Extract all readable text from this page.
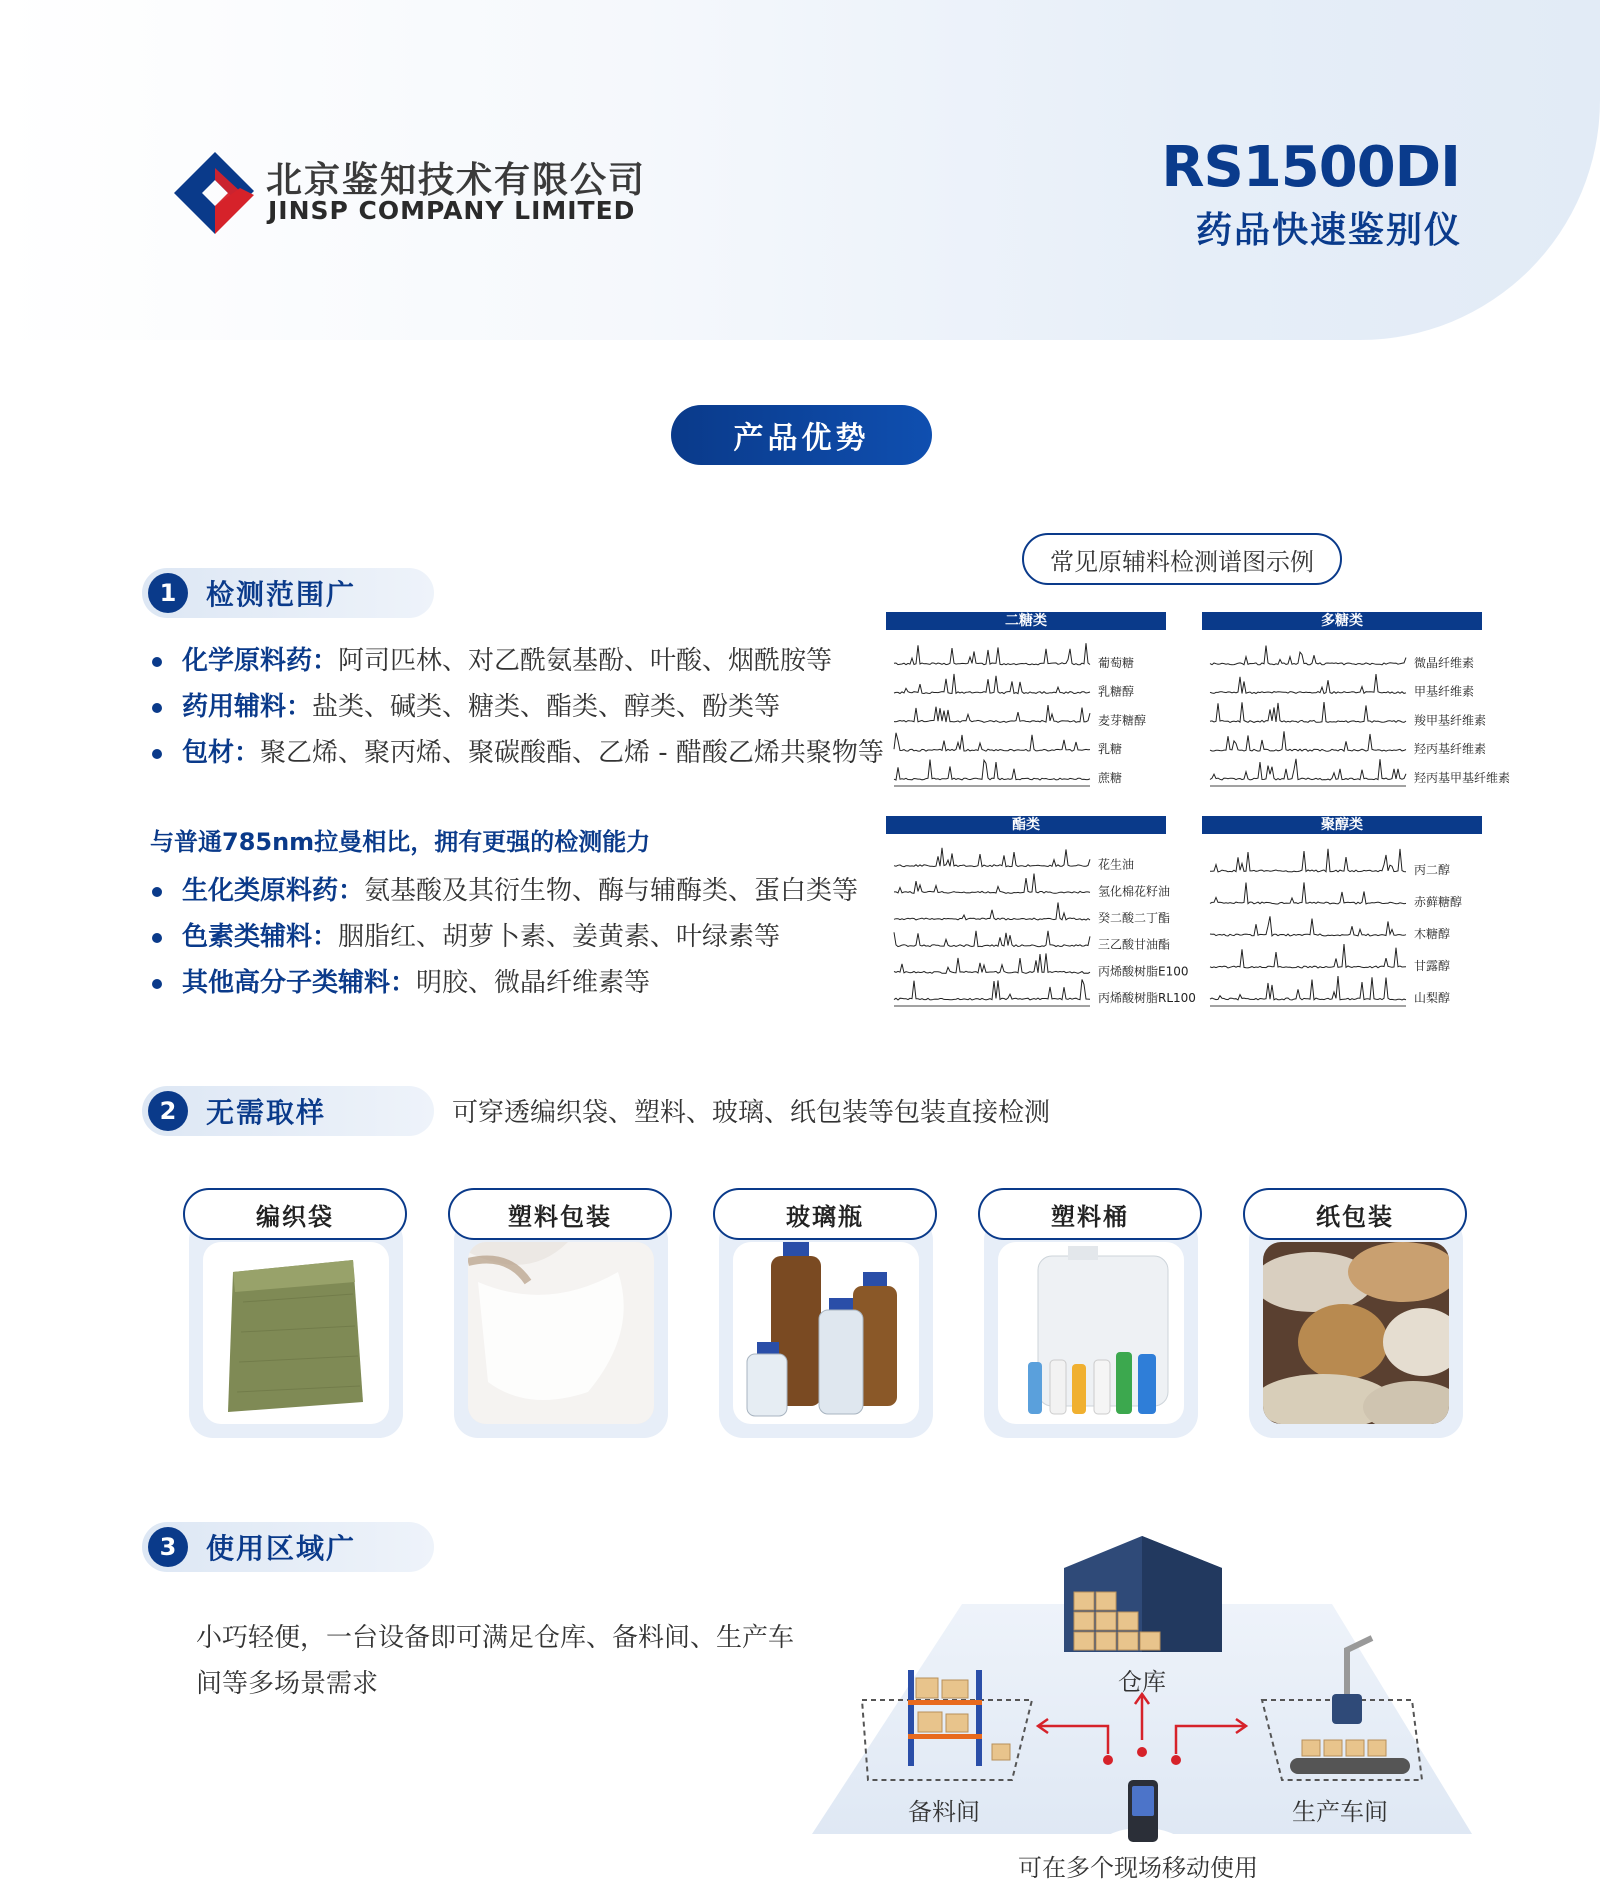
北京鉴知技术有限公司
JINSP COMPANY LIMITED
RS1500DI
药品快速鉴别仪
产品优势
1	检测范围广
化学原料药：阿司匹林、对乙酰氨基酚、叶酸、烟酰胺等
药用辅料：盐类、碱类、糖类、酯类、醇类、酚类等
包材：聚乙烯、聚丙烯、聚碳酸酯、乙烯 - 醋酸乙烯共聚物等
与普通785nm拉曼相比，拥有更强的检测能力
生化类原料药：氨基酸及其衍生物、酶与辅酶类、蛋白类等
色素类辅料：胭脂红、胡萝卜素、姜黄素、叶绿素等
其他高分子类辅料：明胶、微晶纤维素等
常见原辅料检测谱图示例
二糖类
葡萄糖
乳糖醇
麦芽糖醇
乳糖
蔗糖
多糖类
微晶纤维素
甲基纤维素
羧甲基纤维素
羟丙基纤维素
羟丙基甲基纤维素
酯类
花生油
氢化棉花籽油
癸二酸二丁酯
三乙酸甘油酯
丙烯酸树脂E100
丙烯酸树脂RL100
聚醇类
丙二醇
赤藓糖醇
木糖醇
甘露醇
山梨醇
2	无需取样	可穿透编织袋、塑料、玻璃、纸包装等包装直接检测
编织袋	塑料包装	玻璃瓶	塑料桶	纸包装
3	使用区域广
小巧轻便，一台设备即可满足仓库、备料间、生产车间等多场景需求	仓库
备料间	生产车间
可在多个现场移动使用
